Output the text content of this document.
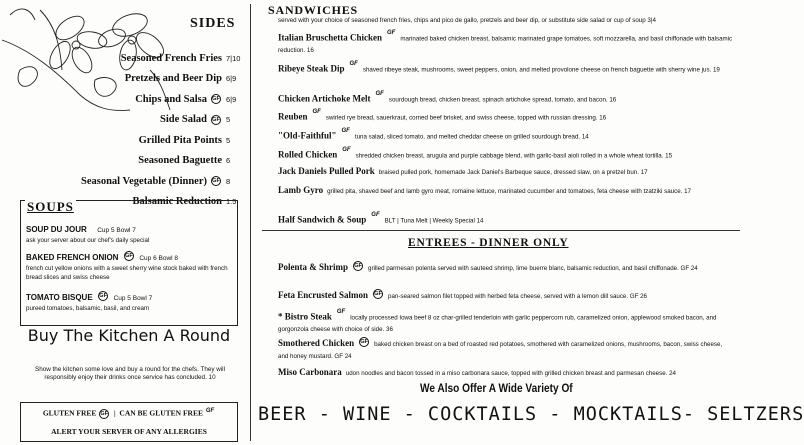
SIDES
Seasoned French Fries 7|10
Pretzels and Beer Dip 6|9
Chips and Salsa GF 6|9
Side Salad GF 5
Grilled Pita Points 5
Seasoned Baguette 6
Seasonal Vegetable (Dinner) GF 8
Balsamic Reduction 1.5
SOUPS
SOUP DU JOUR Cup 5 Bowl 7
ask your server about our chef's daily special
BAKED FRENCH ONION GF Cup 6 Bowl 8
french cut yellow onions with a sweet sherry wine stock baked with french bread slices and swiss cheese
TOMATO BISQUE GF Cup 5 Bowl 7
pureed tomatoes, balsamic, basil, and cream
Buy The Kitchen A Round
Show the kitchen some love and buy a round for the chefs. They will responsibly enjoy their drinks once service has concluded. 10
GLUTEN FREE GF  |  CAN BE GLUTEN FREE $^{GF}$
ALERT YOUR SERVER OF ANY ALLERGIES
SANDWICHES
served with your choice of seasoned french fries, chips and pico de gallo, pretzels and beer dip, or substitute side salad or cup of soup 3|4
Italian Bruschetta Chicken $^{GF}$ marinated baked chicken breast, balsamic marinated grape tomatoes, soft mozzarella, and basil chiffonade with balsamic reduction. 16
Ribeye Steak Dip $^{GF}$ shaved ribeye steak, mushrooms, sweet peppers, onion, and melted provolone cheese on french baguette with sherry wine jus. 19
Chicken Artichoke Melt $^{GF}$ sourdough bread, chicken breast, spinach artichoke spread, tomato, and bacon. 16
Reuben $^{GF}$ swirled rye bread, sauerkraut, corned beef brisket, and swiss cheese, topped with russian dressing. 16
"Old-Faithful" $^{GF}$ tuna salad, sliced tomato, and melted cheddar cheese on grilled sourdough bread. 14
Rolled Chicken $^{GF}$ shredded chicken breast, arugula and purple cabbage blend, with garlic-basil aioli rolled in a whole wheat tortilla. 15
Jack Daniels Pulled Pork braised pulled pork, homemade Jack Daniel's Barbeque sauce, dressed slaw, on a pretzel bun. 17
Lamb Gyro grilled pita, shaved beef and lamb gyro meat, romaine lettuce, marinated cucumber and tomatoes, feta cheese with tzatziki sauce. 17
Half Sandwich & Soup $^{GF}$ BLT | Tuna Melt | Weekly Special 14
ENTREES - DINNER ONLY
Polenta & Shrimp GF grilled parmesan polenta served with sauteed shrimp, lime buerre blanc, balsamic reduction, and basil chiffonade. GF 24
Feta Encrusted Salmon GF pan-seared salmon filet topped with herbed feta cheese, served with a lemon dill sauce. GF 26
* Bistro Steak $^{GF}$ locally processed Iowa beef 8 oz char-grilled tenderloin with garlic peppercorn rub, caramelized onion, applewood smoked bacon, and gorgonzola cheese with choice of side. 36
Smothered Chicken GF baked chicken breast on a bed of roasted red potatoes, smothered with caramelized onions, mushrooms, bacon, swiss cheese, and honey mustard. GF 24
Miso Carbonara udon noodles and bacon tossed in a miso carbonara sauce, topped with grilled chicken breast and parmesan cheese. 24
We Also Offer A Wide Variety Of
BEER - WINE - COCKTAILS - MOCKTAILS- SELTZERS
